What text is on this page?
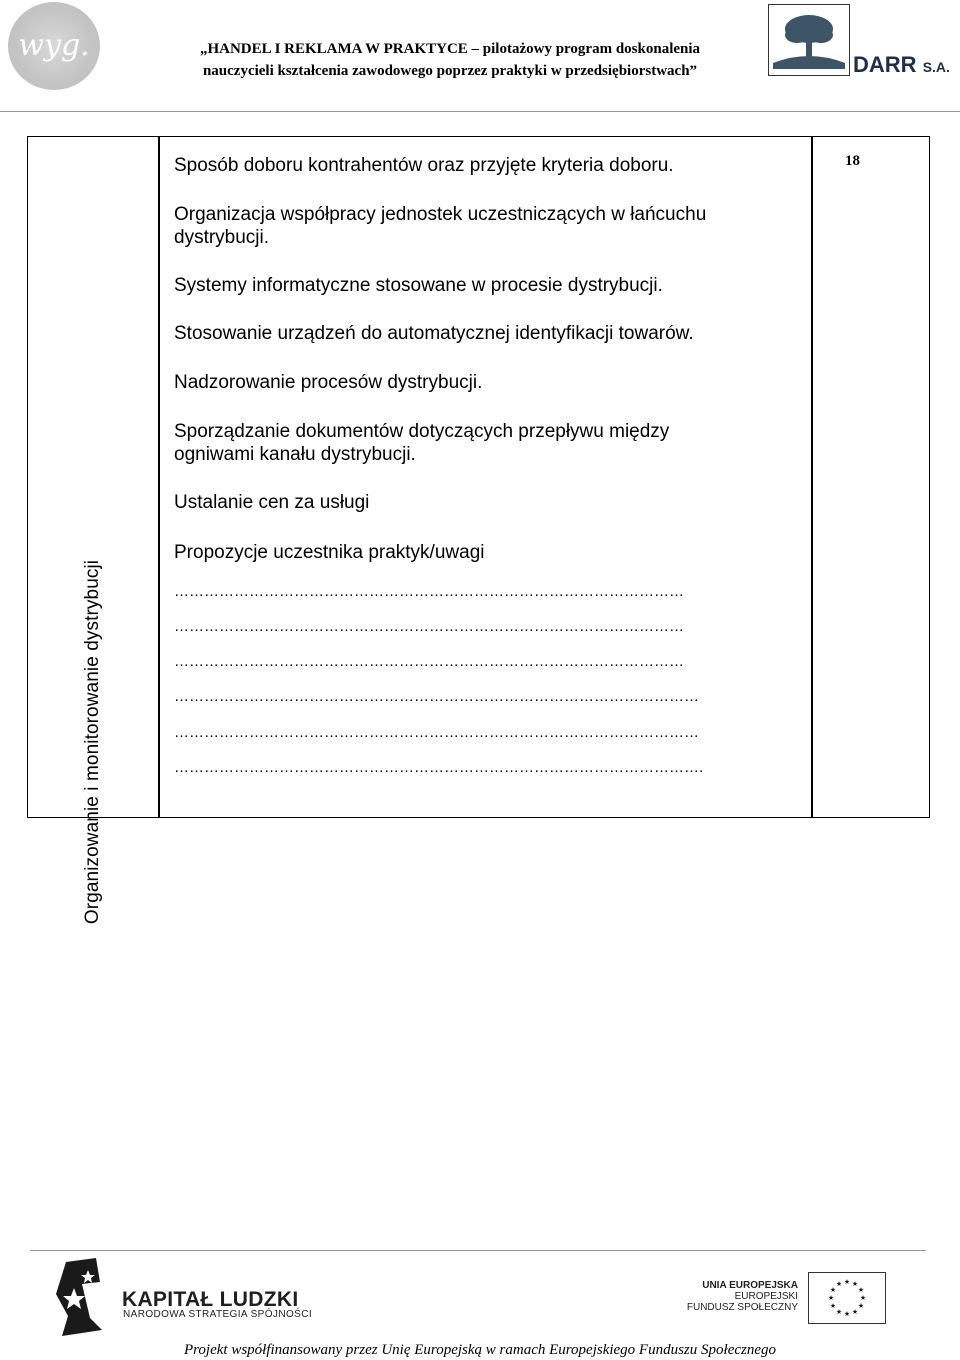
wyg.	„HANDEL I REKLAMA W PRAKTYCE – pilotażowy program doskonalenia
nauczycieli kształcenia zawodowego poprzez praktyki w przedsiębiorstwach”	DARR S.A.
Organizowanie i monitorowanie dystrybucji
Sposób doboru kontrahentów oraz przyjęte kryteria doboru.
Organizacja współpracy jednostek uczestniczących w łańcuchu
dystrybucji.
Systemy informatyczne stosowane w procesie dystrybucji.
Stosowanie urządzeń do automatycznej identyfikacji towarów.
Nadzorowanie procesów dystrybucji.
Sporządzanie dokumentów dotyczących przepływu między
ogniwami kanału dystrybucji.
Ustalanie cen za usługi
Propozycje uczestnika praktyk/uwagi
…………………………………………………………………………………………
…………………………………………………………………………………………
…………………………………………………………………………………………
……………………………………………………………………………………………
……………………………………………………………………………………………
…………………………………………………………………………………………….
18
KAPITAŁ LUDZKI
NARODOWA STRATEGIA SPÓJNOŚCI
UNIA EUROPEJSKA
EUROPEJSKI
FUNDUSZ SPOŁECZNY
★ ★
★
★
★
★
★
★
★
★
★
★
Projekt współfinansowany przez Unię Europejską w ramach Europejskiego Funduszu Społecznego
